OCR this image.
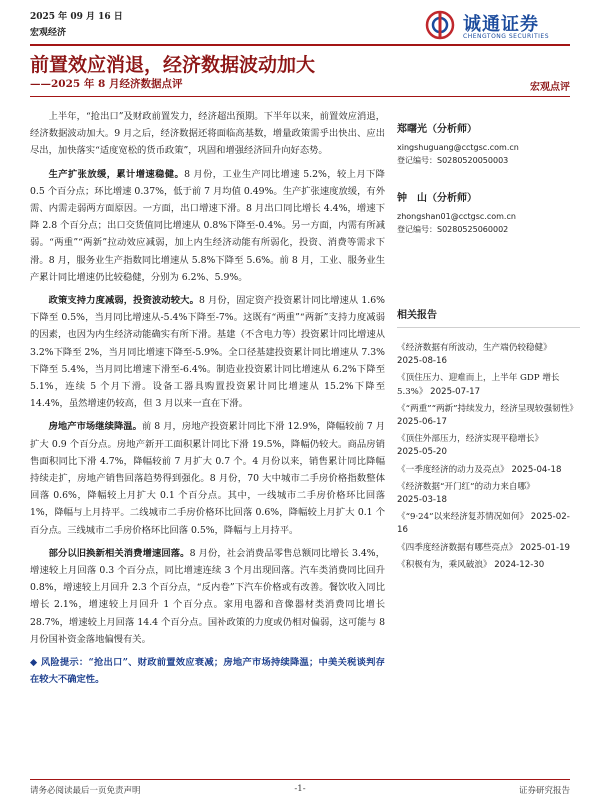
2025 年 09 月 16 日
宏观经济	诚通证券
CHENGTONG SECURITIES
前置效应消退，经济数据波动加大
——2025 年 8 月经济数据点评	宏观点评

上半年，“抢出口”及财政前置发力，经济超出预期。下半年以来，前置效应消退，经济数据波动加大。9 月之后，经济数据还将面临高基数，增量政策需乎出快出、应出尽出，加快落实“适度宽松的货币政策”，巩固和增强经济回升向好态势。

生产扩张放缓，累计增速稳健。8 月份，工业生产同比增速 5.2%，较上月下降 0.5 个百分点；环比增速 0.37%，低于前 7 月均值 0.49%。生产扩张速度放缓，有外需、内需走弱两方面原因。一方面，出口增速下滑。8 月出口同比增长 4.4%，增速下降 2.8 个百分点；出口交货值同比增速从 0.8%下降至-0.4%。另一方面，内需有所减弱。“两重”“两新”拉动效应减弱，加上内生经济动能有所弱化，投资、消费等需求下滑。8 月，服务业生产指数同比增速从 5.8%下降至 5.6%。前 8 月，工业、服务业生产累计同比增速仍比较稳健，分别为 6.2%、5.9%。

政策支持力度减弱，投资波动较大。8 月份，固定资产投资累计同比增速从 1.6%下降至 0.5%，当月同比增速从-5.4%下降至-7%。这既有“两重”“两新”支持力度减弱的因素，也因为内生经济动能确实有所下滑。基建（不含电力等）投资累计同比增速从 3.2%下降至 2%，当月同比增速下降至-5.9%。全口径基建投资累计同比增速从 7.3%下降至 5.4%，当月同比增速下滑至-6.4%。制造业投资累计同比增速从 6.2%下降至 5.1%，连续 5 个月下滑。设备工器具购置投资累计同比增速从 15.2%下降至 14.4%，虽然增速仍较高，但 3 月以来一直在下滑。

房地产市场继续降温。前 8 月，房地产投资累计同比下滑 12.9%，降幅较前 7 月扩大 0.9 个百分点。房地产新开工面积累计同比下滑 19.5%，降幅仍较大。商品房销售面积同比下滑 4.7%，降幅较前 7 月扩大 0.7 个。4 月份以来，销售累计同比降幅持续走扩，房地产销售回落趋势得到强化。8 月份，70 大中城市二手房价格指数整体回落 0.6%，降幅较上月扩大 0.1 个百分点。其中，一线城市二手房价格环比回落 1%，降幅与上月持平。二线城市二手房价格环比回落 0.6%，降幅较上月扩大 0.1 个百分点。三线城市二手房价格环比回落 0.5%，降幅与上月持平。

部分以旧换新相关消费增速回落。8 月份，社会消费品零售总额同比增长 3.4%，增速较上月回落 0.3 个百分点，同比增速连续 3 个月出现回落。汽车类消费同比回升 0.8%，增速较上月回升 2.3 个百分点，“反内卷”下汽车价格或有改善。餐饮收入同比增长 2.1%，增速较上月回升 1 个百分点。家用电器和音像器材类消费同比增长 28.7%，增速较上月回落 14.4 个百分点。国补政策的力度或仍相对偏弱，这可能与 8 月份国补资金落地偏慢有关。

◆ 风险提示：“抢出口”、财政前置效应衰减；房地产市场持续降温；中美关税谈判存在较大不确定性。

郑曙光（分析师）
xingshuguang@cctgsc.com.cn
登记编号：S0280520050003
钟　山（分析师）
zhongshan01@cctgsc.com.cn
登记编号：S0280525060002
相关报告
《经济数据有所波动，生产端仍较稳健》
2025-08-16
《顶住压力、迎难而上，上半年 GDP 增长 5.3%》 2025-07-17
《“两重”“两新”持续发力，经济呈现较强韧性》 2025-06-17
《顶住外部压力，经济实现平稳增长》
2025-05-20
《一季度经济的动力及亮点》 2025-04-18
《经济数据“开门红”的动力来自哪》
2025-03-18
《“9·24”以来经济复苏情况如何》 2025-02-16
《四季度经济数据有哪些亮点》 2025-01-19
《积极有为，乘风破浪》 2024-12-30
请务必阅读最后一页免责声明	-1-	证券研究报告
